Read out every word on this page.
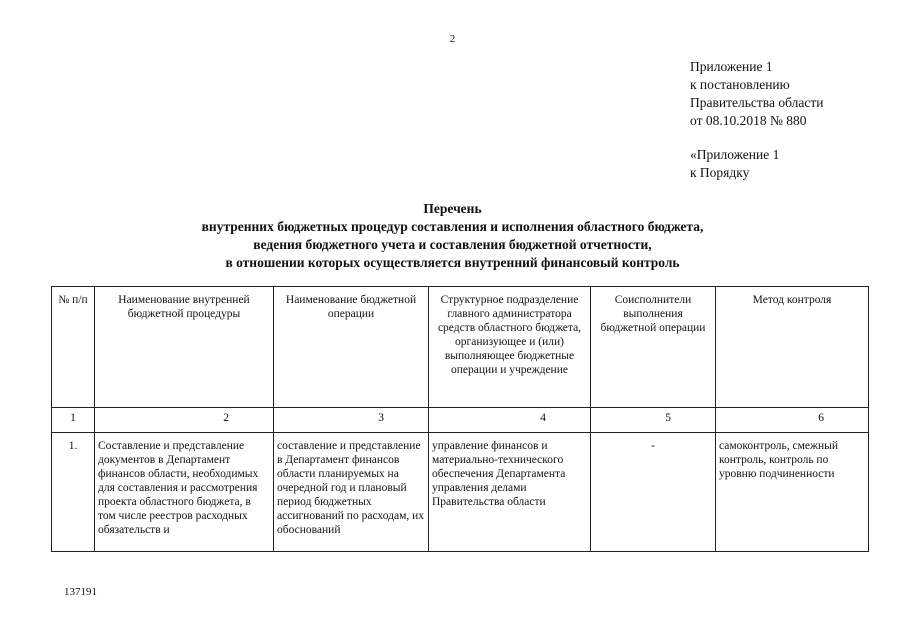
2
Приложение 1
к постановлению
Правительства области
от 08.10.2018 № 880
«Приложение 1
к Порядку
Перечень
внутренних бюджетных процедур составления и исполнения областного бюджета,
ведения бюджетного учета и составления бюджетной отчетности,
в отношении которых осуществляется внутренний финансовый контроль
№ п/п	Наименование внутренней бюджетной процедуры	Наименование бюджетной операции	Структурное подразделение главного администратора средств областного бюджета, организующее и (или) выполняющее бюджетные операции и учреждение	Соисполнители выполнения бюджетной операции	Метод контроля
1	2	3	4	5	6
1.	Составление и представление документов в Департамент финансов области, необходимых для составления и рассмотрения проекта областного бюджета, в том числе реестров расходных обязательств и	составление и представление в Департамент финансов области планируемых на очередной год и плановый период бюджетных ассигнований по расходам, их обоснований	управление финансов и материально-технического обеспечения Департамента управления делами Правительства области	-	самоконтроль, смежный контроль, контроль по уровню подчиненности
137191
